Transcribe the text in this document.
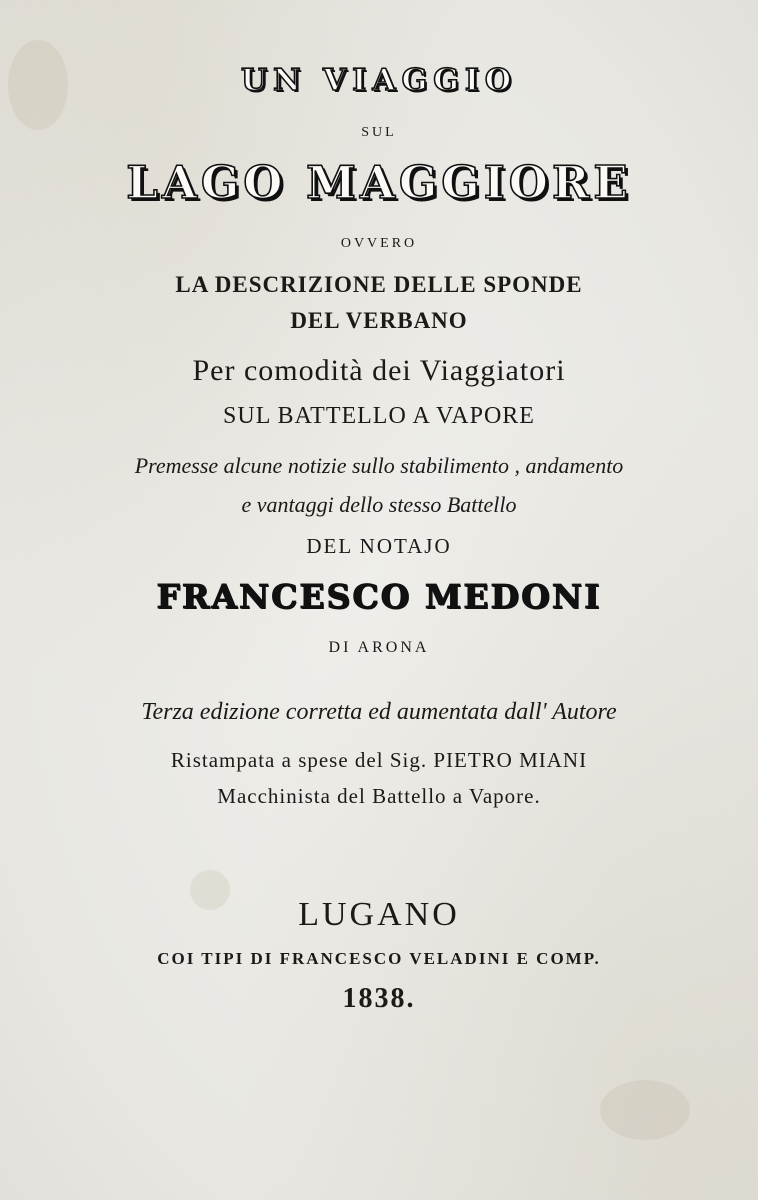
UN VIAGGIO
SUL
LAGO MAGGIORE
OVVERO
LA DESCRIZIONE DELLE SPONDE
DEL VERBANO
Per comodità dei Viaggiatori
SUL BATTELLO A VAPORE
Premesse alcune notizie sullo stabilimento , andamento
e vantaggi dello stesso Battello
DEL NOTAJO
FRANCESCO MEDONI
DI ARONA
Terza edizione corretta ed aumentata dall' Autore
Ristampata a spese del Sig. PIETRO MIANI
Macchinista del Battello a Vapore.
LUGANO
COI TIPI DI FRANCESCO VELADINI E COMP.
1838.
